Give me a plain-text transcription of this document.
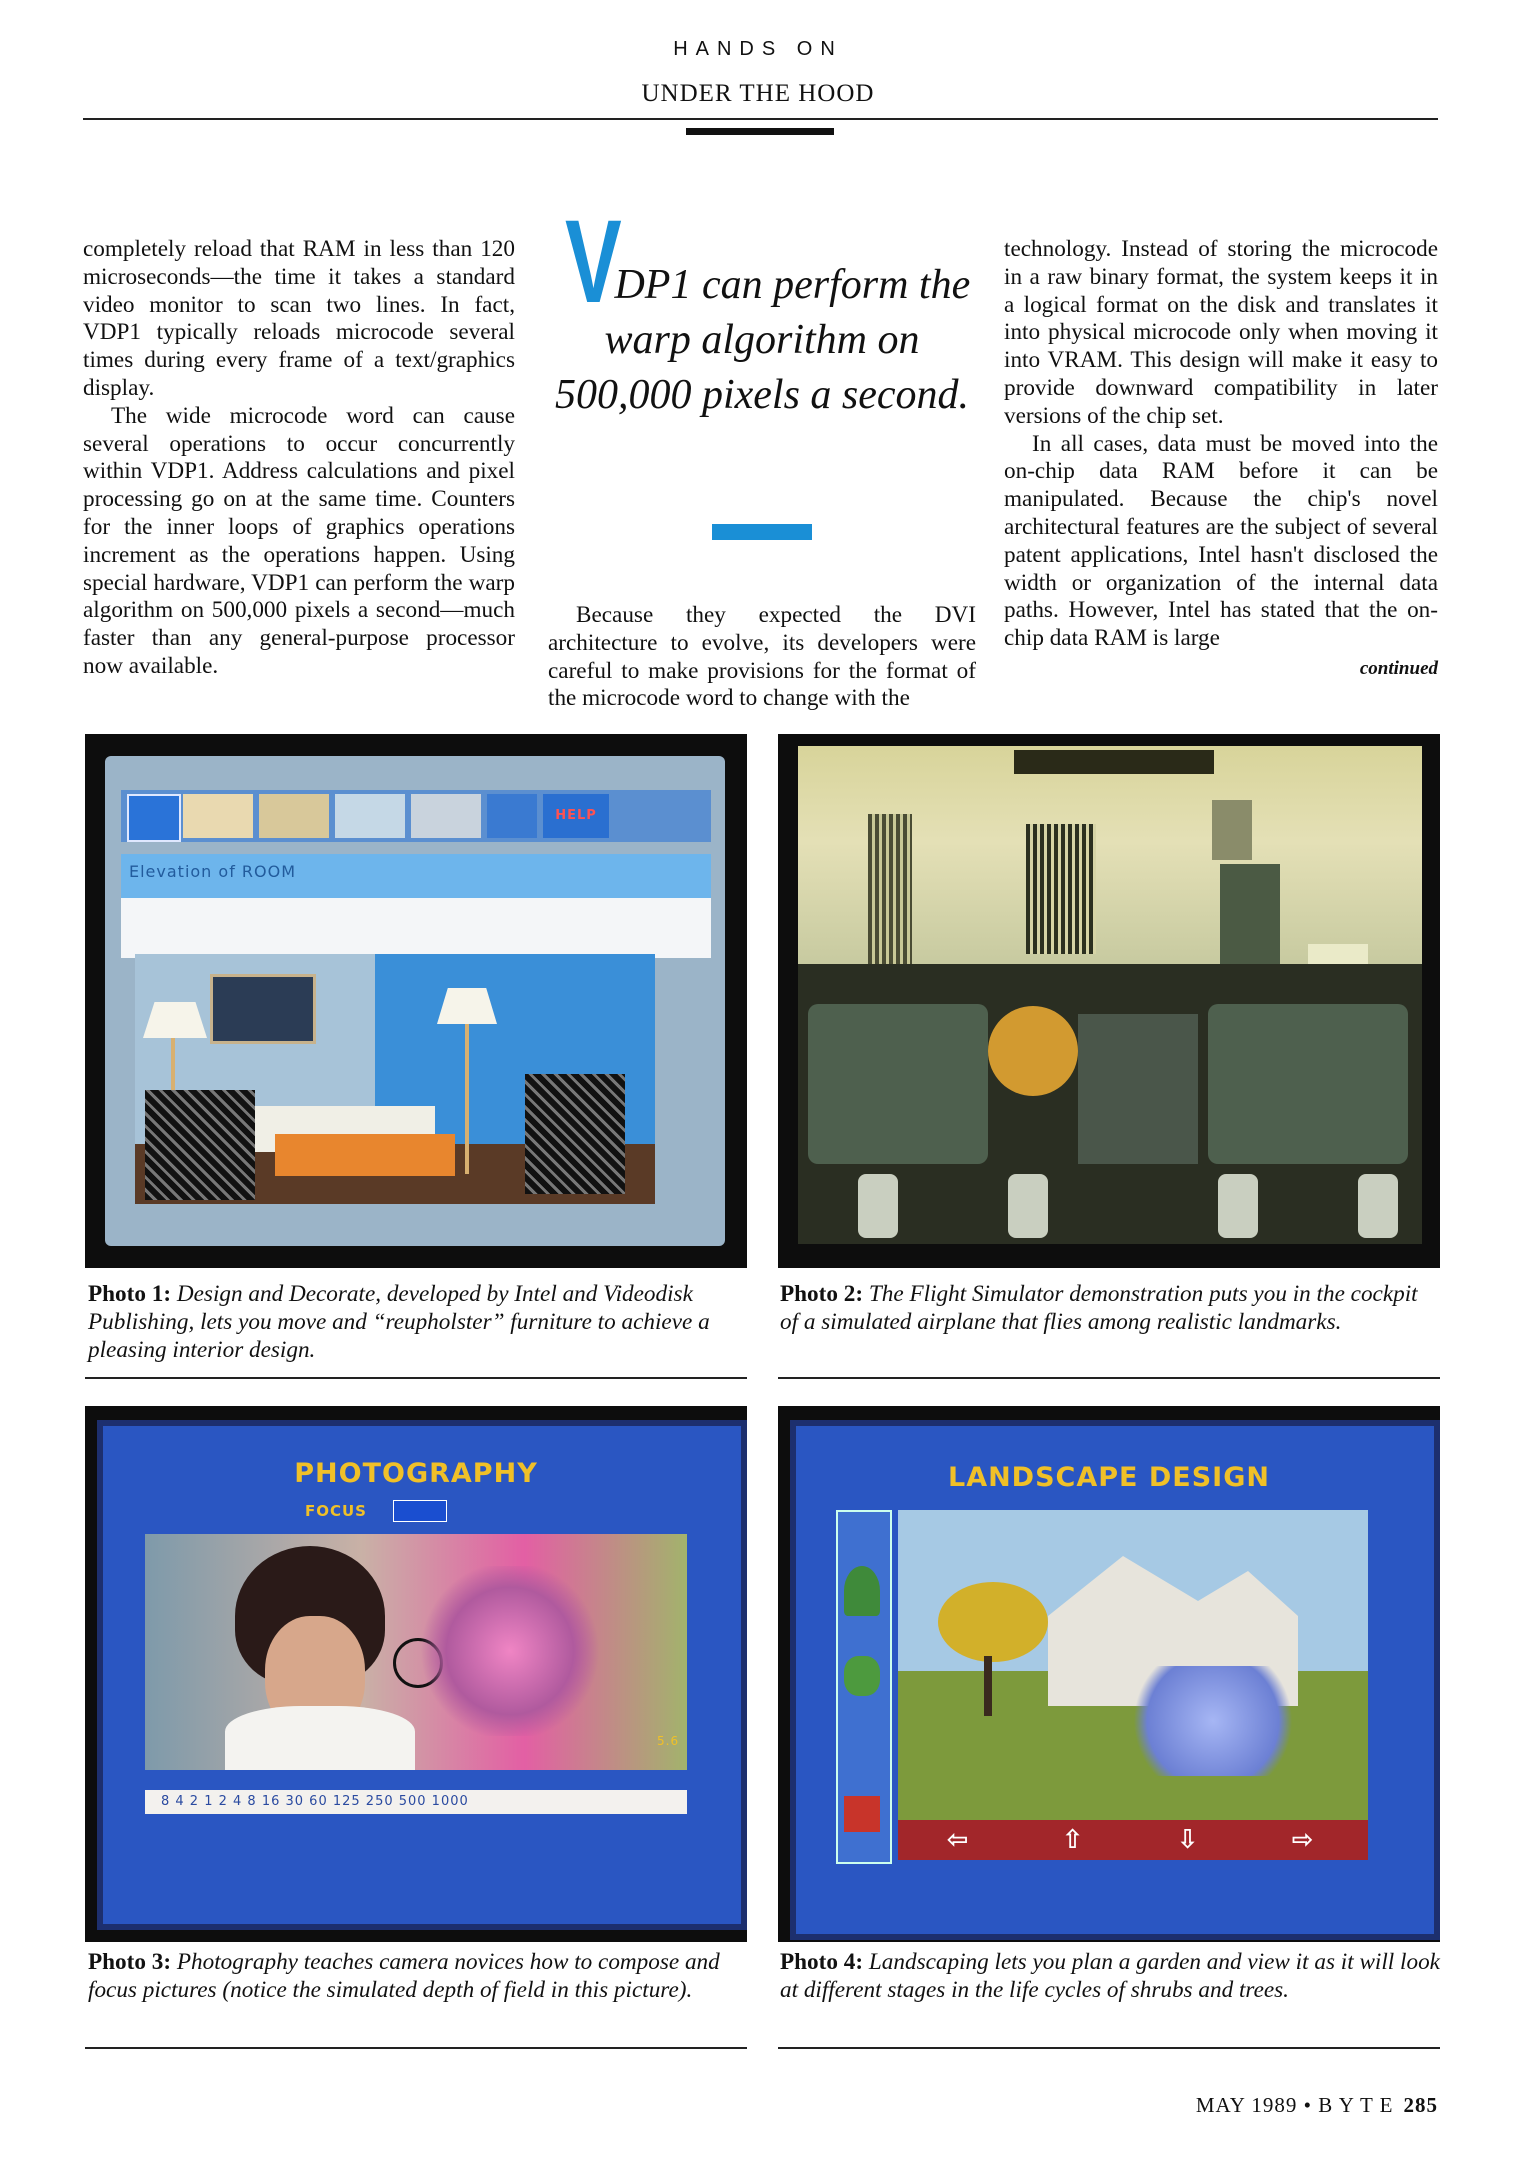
HANDS ON
UNDER THE HOOD

completely reload that RAM in less than 120 microseconds—the time it takes a standard video monitor to scan two lines. In fact, VDP1 typically reloads microcode several times during every frame of a text/graphics display.

The wide microcode word can cause several operations to occur concurrently within VDP1. Address calculations and pixel processing go on at the same time. Counters for the inner loops of graphics operations increment as the operations happen. Using special hardware, VDP1 can perform the warp algorithm on 500,000 pixels a second—much faster than any general-purpose processor now available.

VDP1 can perform the warp algorithm on 500,000 pixels a second.

Because they expected the DVI architecture to evolve, its developers were careful to make provisions for the format of the microcode word to change with the

technology. Instead of storing the microcode in a raw binary format, the system keeps it in a logical format on the disk and translates it into physical microcode only when moving it into VRAM. This design will make it easy to provide downward compatibility in later versions of the chip set.

In all cases, data must be moved into the on-chip data RAM before it can be manipulated. Because the chip's novel architectural features are the subject of several patent applications, Intel hasn't disclosed the width or organization of the internal data paths. However, Intel has stated that the on-chip data RAM is large

continued
HELP
Elevation of ROOM
Photo 1: Design and Decorate, developed by Intel and Videodisk Publishing, lets you move and “reupholster” furniture to achieve a pleasing interior design.
Photo 2: The Flight Simulator demonstration puts you in the cockpit of a simulated airplane that flies among realistic landmarks.
PHOTOGRAPHY
FOCUS
5.6
8 4 2 1 2 4 8 16 30 60 125 250 500 1000
Photo 3: Photography teaches camera novices how to compose and focus pictures (notice the simulated depth of field in this picture).
LANDSCAPE DESIGN
⇦	⇧	⇩	⇨
Photo 4: Landscaping lets you plan a garden and view it as it will look at different stages in the life cycles of shrubs and trees.
MAY 1989 • B Y T E 285
